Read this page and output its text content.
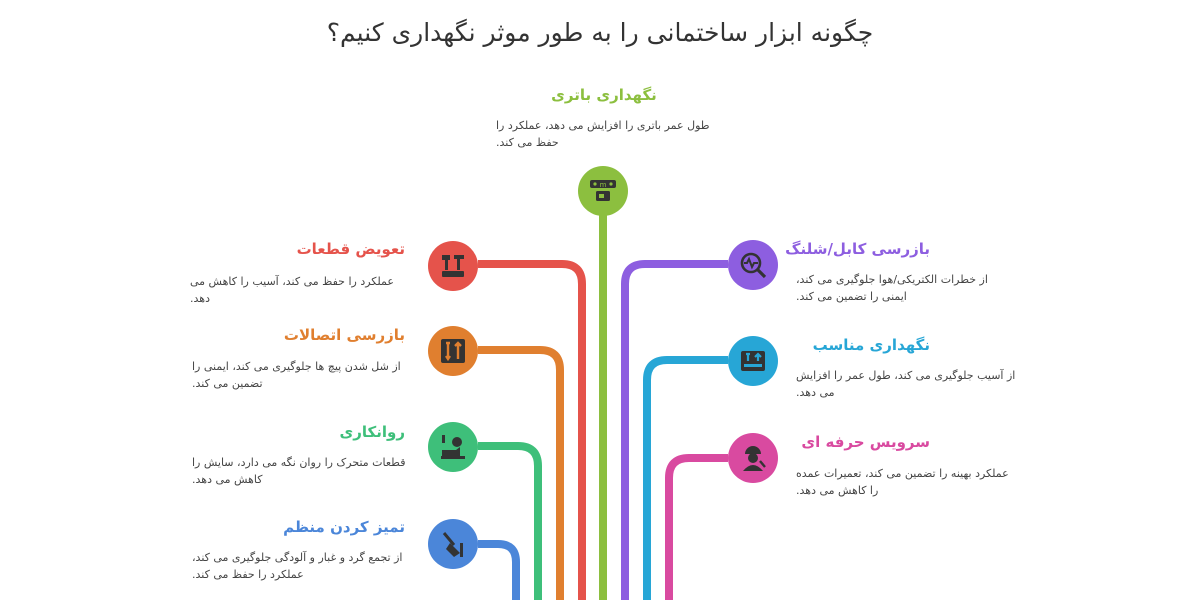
چگونه ابزار ساختمانی را به طور موثر نگهداری کنیم؟
نگهداری باتری
طول عمر باتری را افزایش می دهد، عملکرد را
حفظ می کند.
m
تعویض قطعات
عملکرد را حفظ می کند، آسیب را کاهش می دهد.
بازرسی اتصالات
از شل شدن پیچ ها جلوگیری می کند، ایمنی را
تضمین می کند.
روانکاری
قطعات متحرک را روان نگه می دارد، سایش را
کاهش می دهد.
تمیز کردن منظم
از تجمع گرد و غبار و آلودگی جلوگیری می کند،
عملکرد را حفظ می کند.
بازرسی کابل/شلنگ
از خطرات الکتریکی/هوا جلوگیری می کند،
ایمنی را تضمین می کند.
نگهداری مناسب
از آسیب جلوگیری می کند، طول عمر را افزایش
می دهد.
سرویس حرفه ای
عملکرد بهینه را تضمین می کند، تعمیرات عمده
را کاهش می دهد.
